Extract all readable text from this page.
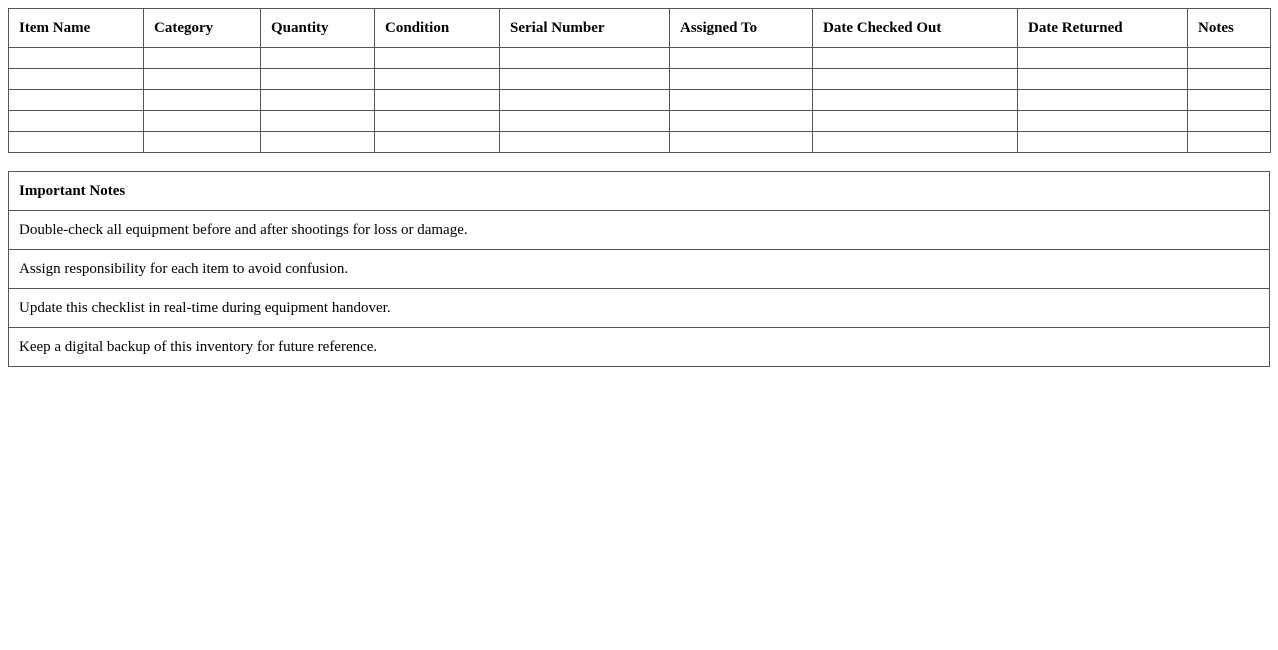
Item Name	Category	Quantity	Condition	Serial Number	Assigned To	Date Checked Out	Date Returned	Notes

Important Notes
Double-check all equipment before and after shootings for loss or damage.
Assign responsibility for each item to avoid confusion.
Update this checklist in real-time during equipment handover.
Keep a digital backup of this inventory for future reference.
